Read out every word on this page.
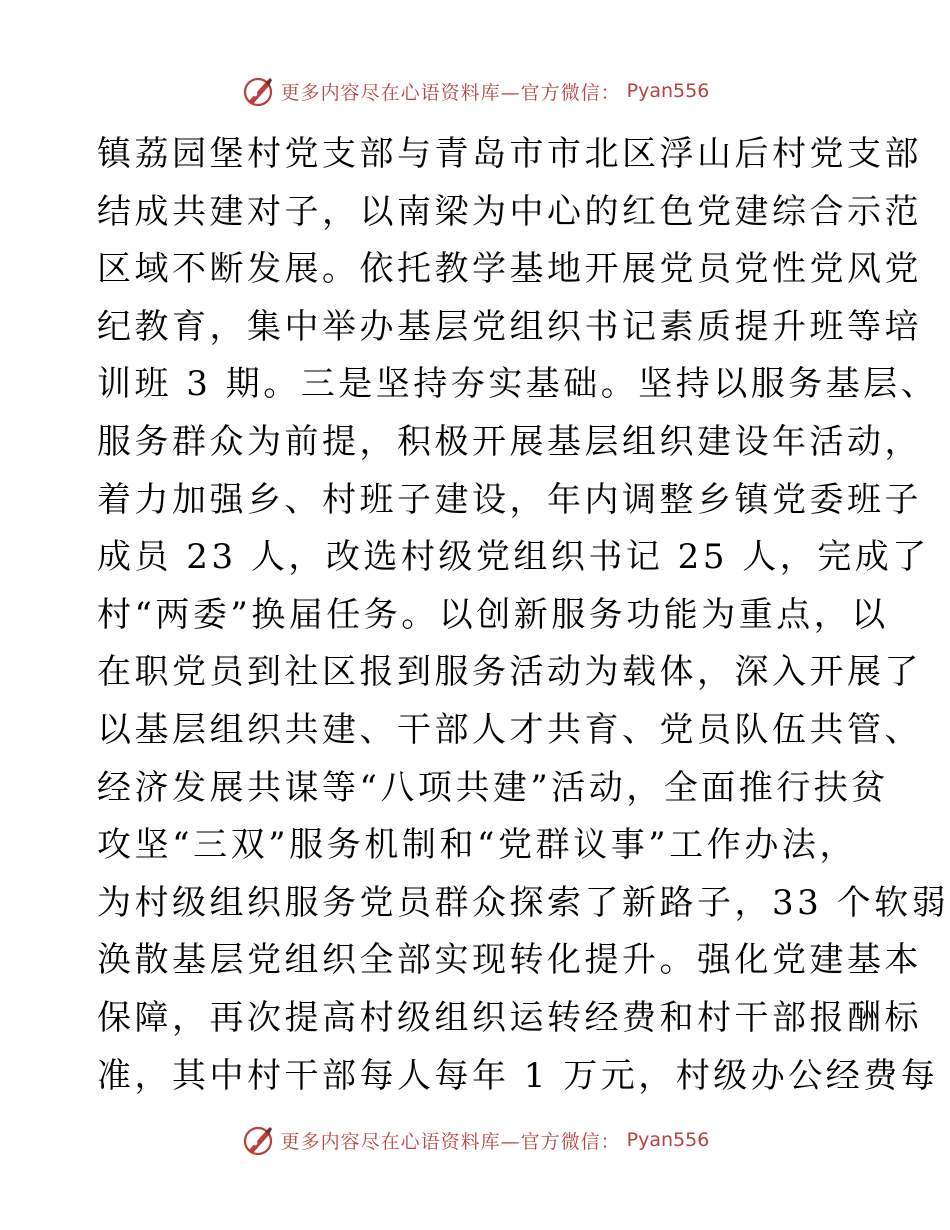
更多内容尽在心语资料库—官方微信： Pyan556
镇荔园堡村党支部与青岛市市北区浮山后村党支部
结成共建对子，以南梁为中心的红色党建综合示范
区域不断发展。依托教学基地开展党员党性党风党
纪教育，集中举办基层党组织书记素质提升班等培
训班 3 期。三是坚持夯实基础。坚持以服务基层、
服务群众为前提，积极开展基层组织建设年活动，
着力加强乡、村班子建设，年内调整乡镇党委班子
成员 23 人，改选村级党组织书记 25 人，完成了
村“两委”换届任务。以创新服务功能为重点，以
在职党员到社区报到服务活动为载体，深入开展了
以基层组织共建、干部人才共育、党员队伍共管、
经济发展共谋等“八项共建”活动，全面推行扶贫
攻坚“三双”服务机制和“党群议事”工作办法，
为村级组织服务党员群众探索了新路子，33 个软弱
涣散基层党组织全部实现转化提升。强化党建基本
保障，再次提高村级组织运转经费和村干部报酬标
准，其中村干部每人每年 1 万元，村级办公经费每
更多内容尽在心语资料库—官方微信： Pyan556
